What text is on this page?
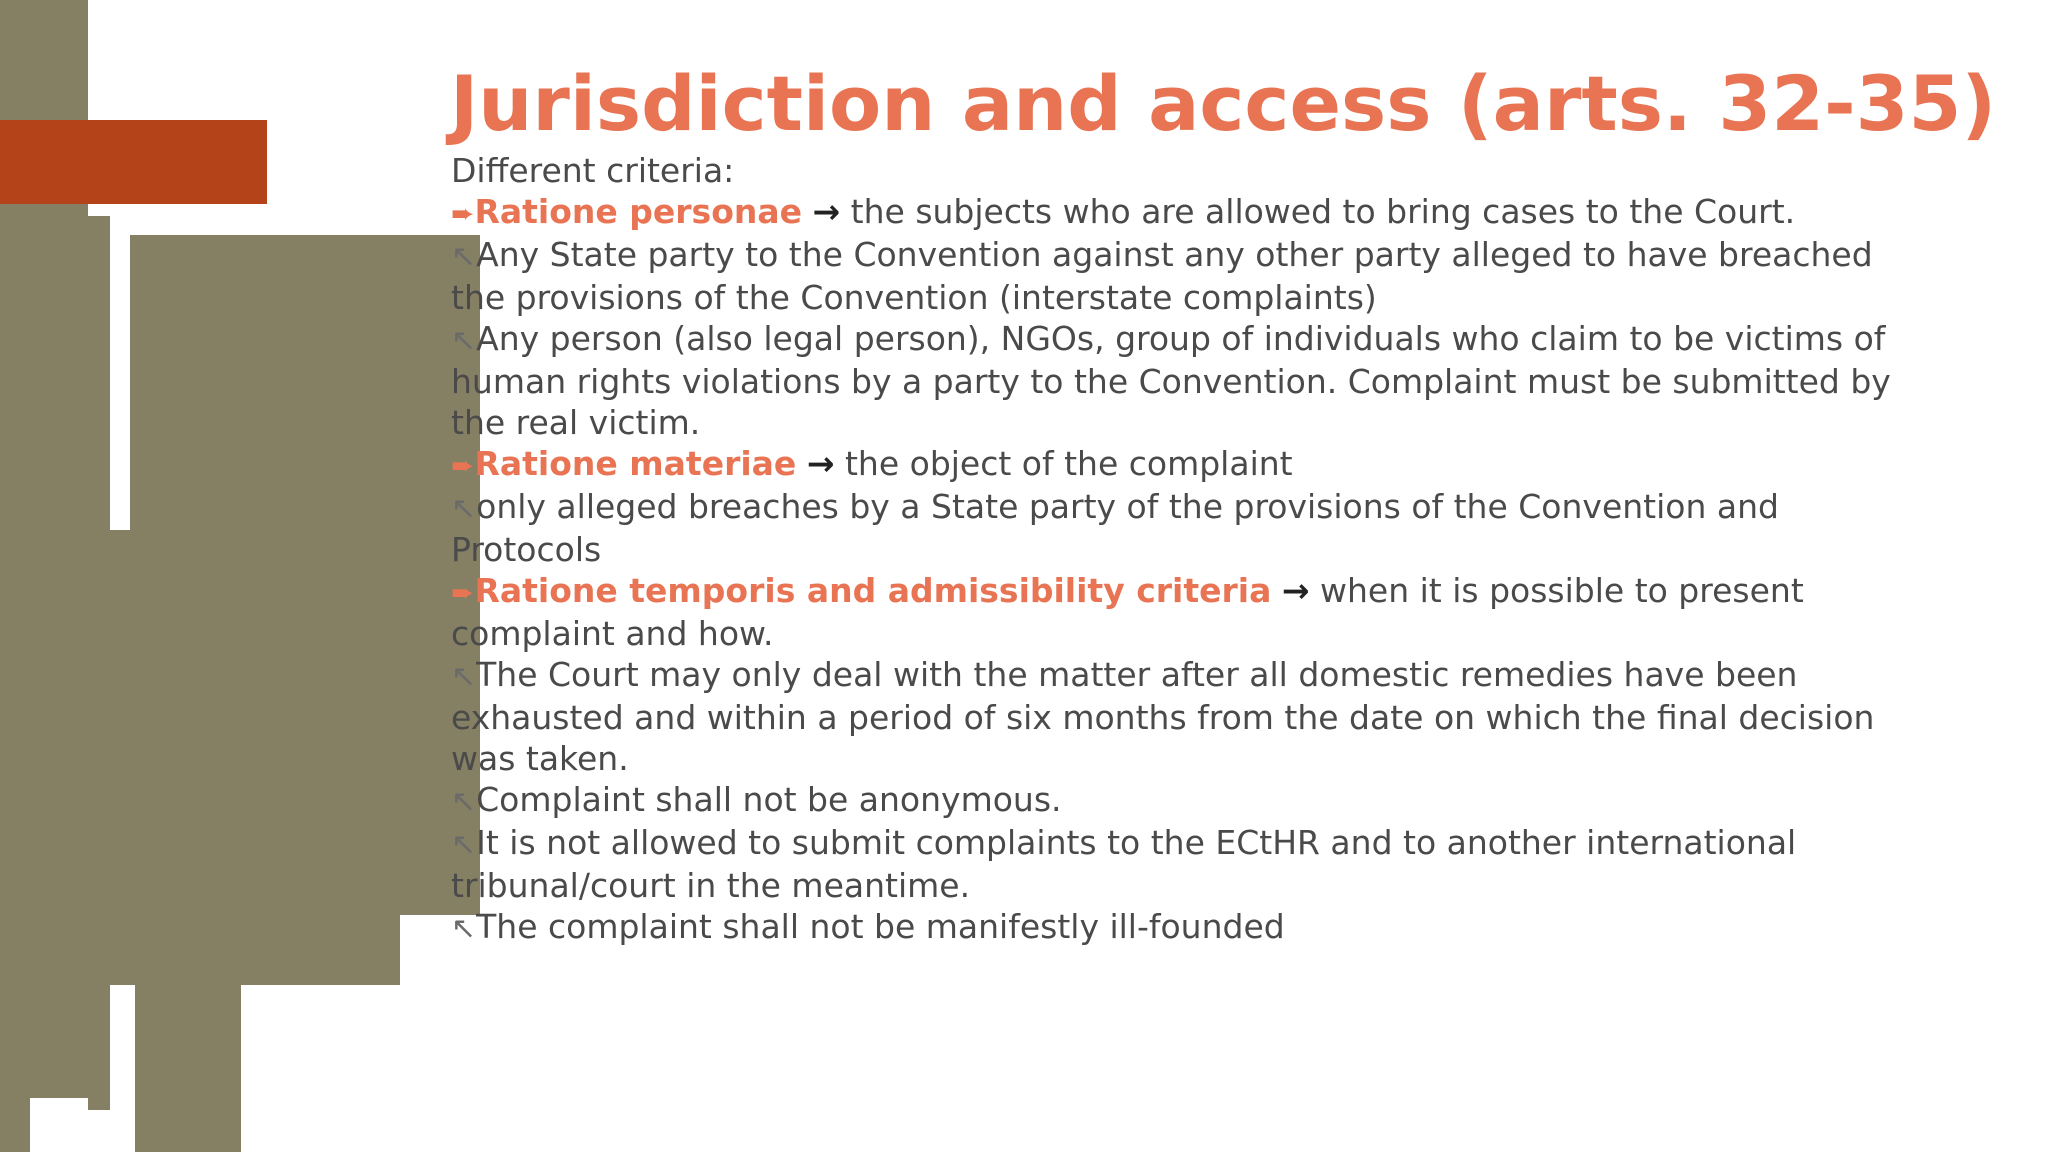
Jurisdiction and access (arts. 32-35)

Different criteria:

➨Ratione personae → the subjects who are allowed to bring cases to the Court.

↖Any State party to the Convention against any other party alleged to have breached the provisions of the Convention (interstate complaints)

↖Any person (also legal person), NGOs, group of individuals who claim to be victims of human rights violations by a party to the Convention. Complaint must be submitted by the real victim.

➨Ratione materiae → the object of the complaint

↖only alleged breaches by a State party of the provisions of the Convention and Protocols

➨Ratione temporis and admissibility criteria → when it is possible to present complaint and how.

↖The Court may only deal with the matter after all domestic remedies have been exhausted and within a period of six months from the date on which the final decision was taken.

↖Complaint shall not be anonymous.

↖It is not allowed to submit complaints to the ECtHR and to another international tribunal/court in the meantime.

↖The complaint shall not be manifestly ill-founded
